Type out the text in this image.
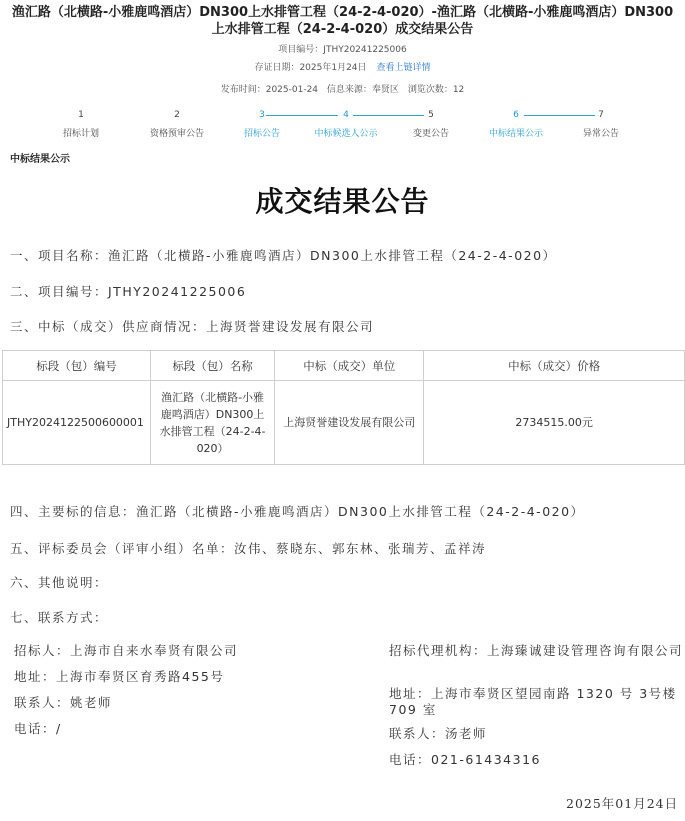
渔汇路（北横路-小雅鹿鸣酒店）DN300上水排管工程（24-2-4-020）-渔汇路（北横路-小雅鹿鸣酒店）DN300上水排管工程（24-2-4-020）成交结果公告
项目编号：JTHY20241225006
存证日期：2025年1月24日 查看上链详情
发布时间：2025-01-24 信息来源：奉贤区 浏览次数：12
1
招标计划
2
资格预审公告
3
招标公告
4
中标候选人公示
5
变更公告
6
中标结果公示
7
异常公告
中标结果公示
成交结果公告
一、项目名称：渔汇路（北横路-小雅鹿鸣酒店）DN300上水排管工程（24-2-4-020）
二、项目编号：JTHY20241225006
三、中标（成交）供应商情况：上海贤誉建设发展有限公司
标段（包）编号	标段（包）名称	中标（成交）单位	中标（成交）价格
JTHY2024122500600001	渔汇路（北横路-小雅鹿鸣酒店）DN300上水排管工程（24-2-4-020）	上海贤誉建设发展有限公司	2734515.00元
四、主要标的信息：渔汇路（北横路-小雅鹿鸣酒店）DN300上水排管工程（24-2-4-020）
五、评标委员会（评审小组）名单：汝伟、蔡晓东、郭东林、张瑞芳、孟祥涛
六、其他说明：
七、联系方式：
招标人：上海市自来水奉贤有限公司
地址：上海市奉贤区育秀路455号
联系人：姚老师
电话：/
招标代理机构：上海臻诚建设管理咨询有限公司
地址：上海市奉贤区望园南路 1320 号 3号楼 709 室
联系人：汤老师
电话：021-61434316
2025年01月24日
